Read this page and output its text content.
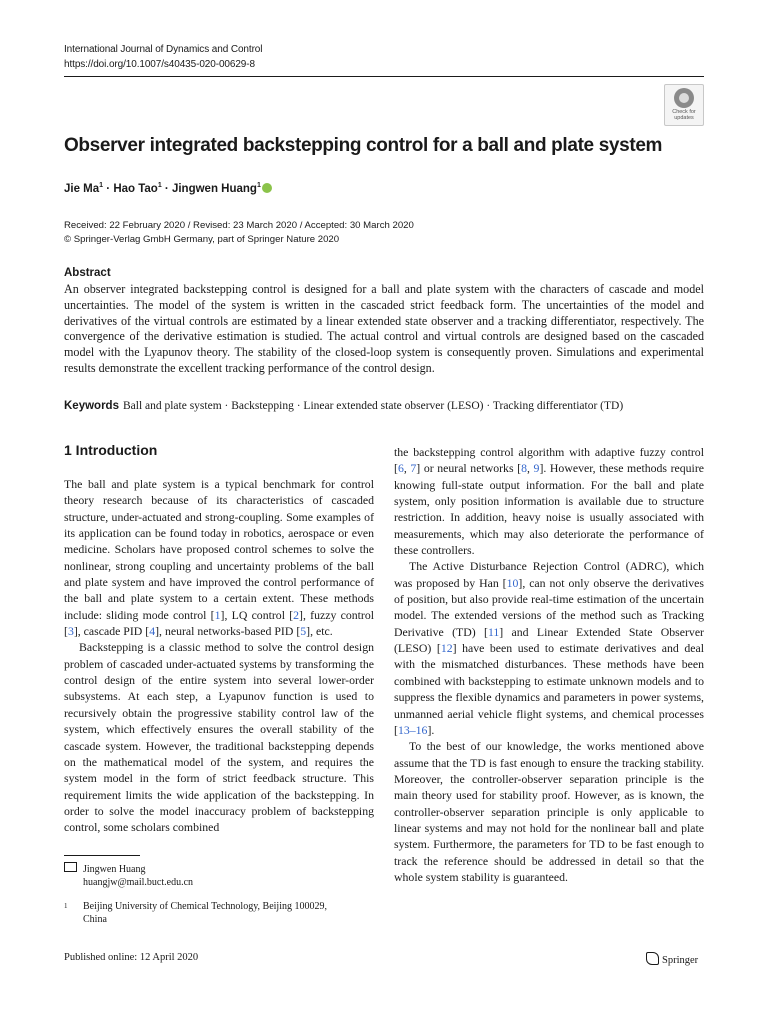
International Journal of Dynamics and Control
https://doi.org/10.1007/s40435-020-00629-8
Check for
updates
Observer integrated backstepping control for a ball and plate system
Jie $Ma^1$ · Hao Tao$^1$ · Jingwen Huang$^1$
Received: 22 February 2020 / Revised: 23 March 2020 / Accepted: 30 March 2020
© Springer-Verlag GmbH Germany, part of Springer Nature 2020
Abstract
An observer integrated backstepping control is designed for a ball and plate system with the characters of cascade and model uncertainties. The model of the system is written in the cascaded strict feedback form. The uncertainties of the model and derivatives of the virtual controls are estimated by a linear extended state observer and a tracking differentiator, respectively. The convergence of the derivative estimation is studied. The actual control and virtual controls are designed based on the cascaded model with the Lyapunov theory. The stability of the closed-loop system is consequently proven. Simulations and experimental results demonstrate the excellent tracking performance of the control design.
Keywords Ball and plate system · Backstepping · Linear extended state observer (LESO) · Tracking differentiator (TD)
1 Introduction

The ball and plate system is a typical benchmark for control theory research because of its characteristics of cascaded structure, under-actuated and strong-coupling. Some examples of its application can be found today in robotics, aerospace or even medicine. Scholars have proposed control schemes to solve the nonlinear, strong coupling and uncertainty problems of the ball and plate system and have improved the control performance of the ball and plate system to a certain extent. These methods include: sliding mode control [1], LQ control [2], fuzzy control [3], cascade PID [4], neural networks-based PID [5], etc.

Backstepping is a classic method to solve the control design problem of cascaded under-actuated systems by transforming the control design of the entire system into several lower-order subsystems. At each step, a Lyapunov function is used to recursively obtain the progressive stability control law of the system, which effectively ensures the overall stability of the cascade system. However, the traditional backstepping depends on the mathematical model of the system, and requires the system model in the form of strict feedback structure. This requirement limits the wide application of the backstepping. In order to solve the model inaccuracy problem of backstepping control, some scholars combined

the backstepping control algorithm with adaptive fuzzy control [6, 7] or neural networks [8, 9]. However, these methods require knowing full-state output information. For the ball and plate system, only position information is available due to structure restriction. In addition, heavy noise is usually associated with measurements, which may also deteriorate the performance of these controllers.

The Active Disturbance Rejection Control (ADRC), which was proposed by Han [10], can not only observe the derivatives of position, but also provide real-time estimation of the uncertain model. The extended versions of the method such as Tracking Derivative (TD) [11] and Linear Extended State Observer (LESO) [12] have been used to estimate derivatives and deal with the mismatched disturbances. These methods have been combined with backstepping to estimate unknown models and to suppress the flexible dynamics and parameters in power systems, unmanned aerial vehicle flight systems, and chemical processes [13–16].

To the best of our knowledge, the works mentioned above assume that the TD is fast enough to ensure the tracking stability. Moreover, the controller-observer separation principle is the main theory used for stability proof. However, as is known, the controller-observer separation principle is only applicable to linear systems and may not hold for the nonlinear ball and plate system. Furthermore, the parameters for TD to be fast enough to track the reference should be addressed in detail so that the whole system stability is guaranteed.

Jingwen Huang
huangjw@mail.buct.edu.cn
1 Beijing University of Chemical Technology, Beijing 100029,
China
Published online: 12 April 2020	Springer
